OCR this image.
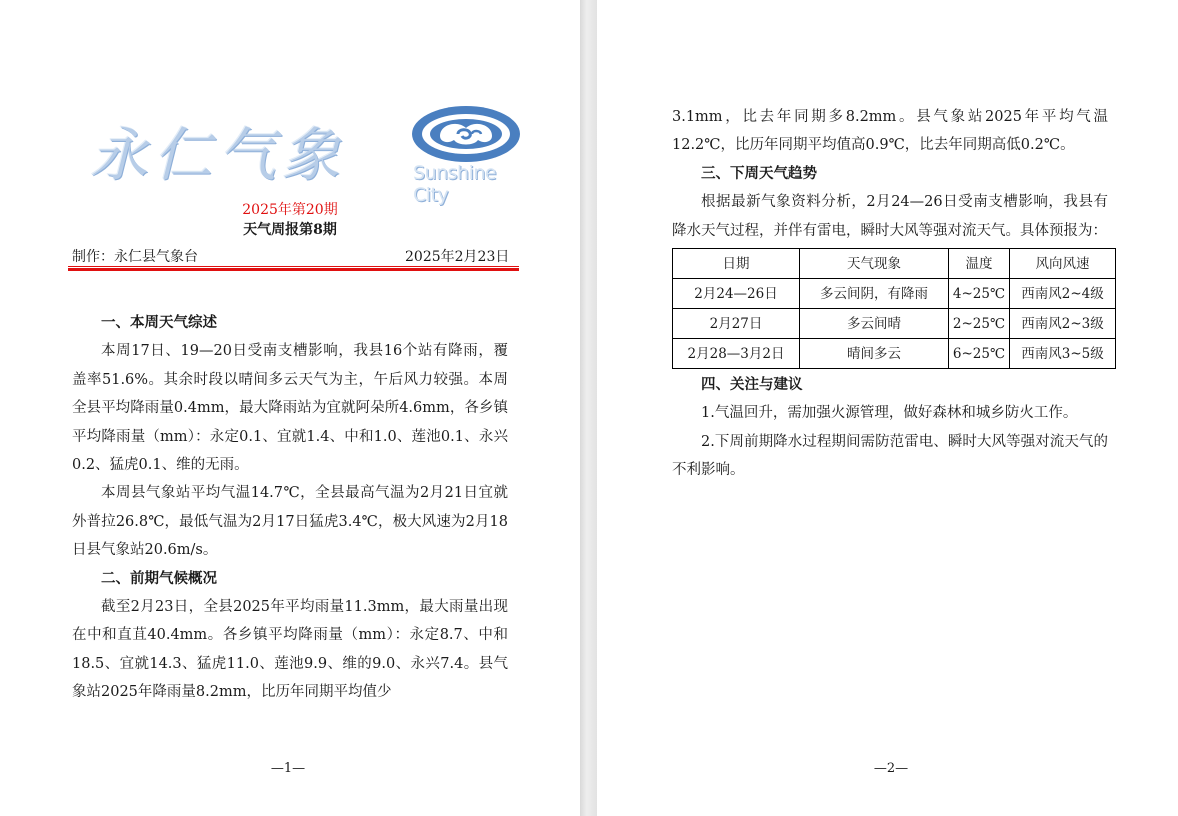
永仁气象	Sunshine City
2025年第20期
天气周报第8期
制作：永仁县气象台	2025年2月23日
一、本周天气综述

本周17日、19—20日受南支槽影响，我县16个站有降雨，覆盖率51.6%。其余时段以晴间多云天气为主，午后风力较强。本周全县平均降雨量0.4mm，最大降雨站为宜就阿朵所4.6mm，各乡镇平均降雨量（mm）：永定0.1、宜就1.4、中和1.0、莲池0.1、永兴0.2、猛虎0.1、维的无雨。

本周县气象站平均气温14.7℃，全县最高气温为2月21日宜就外普拉26.8℃，最低气温为2月17日猛虎3.4℃，极大风速为2月18日县气象站20.6m/s。

二、前期气候概况

截至2月23日，全县2025年平均雨量11.3mm，最大雨量出现在中和直苴40.4mm。各乡镇平均降雨量（mm）：永定8.7、中和18.5、宜就14.3、猛虎11.0、莲池9.9、维的9.0、永兴7.4。县气象站2025年降雨量8.2mm，比历年同期平均值少

—1—

3.1mm，比去年同期多8.2mm。县气象站2025年平均气温12.2℃，比历年同期平均值高0.9℃，比去年同期高低0.2℃。

三、下周天气趋势

根据最新气象资料分析，2月24—26日受南支槽影响，我县有降水天气过程，并伴有雷电，瞬时大风等强对流天气。具体预报为：

日期	天气现象	温度	风向风速
2月24—26日	多云间阴，有降雨	4~25℃	西南风2~4级
2月27日	多云间晴	2~25℃	西南风2~3级
2月28—3月2日	晴间多云	6~25℃	西南风3~5级
四、关注与建议

1.气温回升，需加强火源管理，做好森林和城乡防火工作。

2.下周前期降水过程期间需防范雷电、瞬时大风等强对流天气的不利影响。

—2—
